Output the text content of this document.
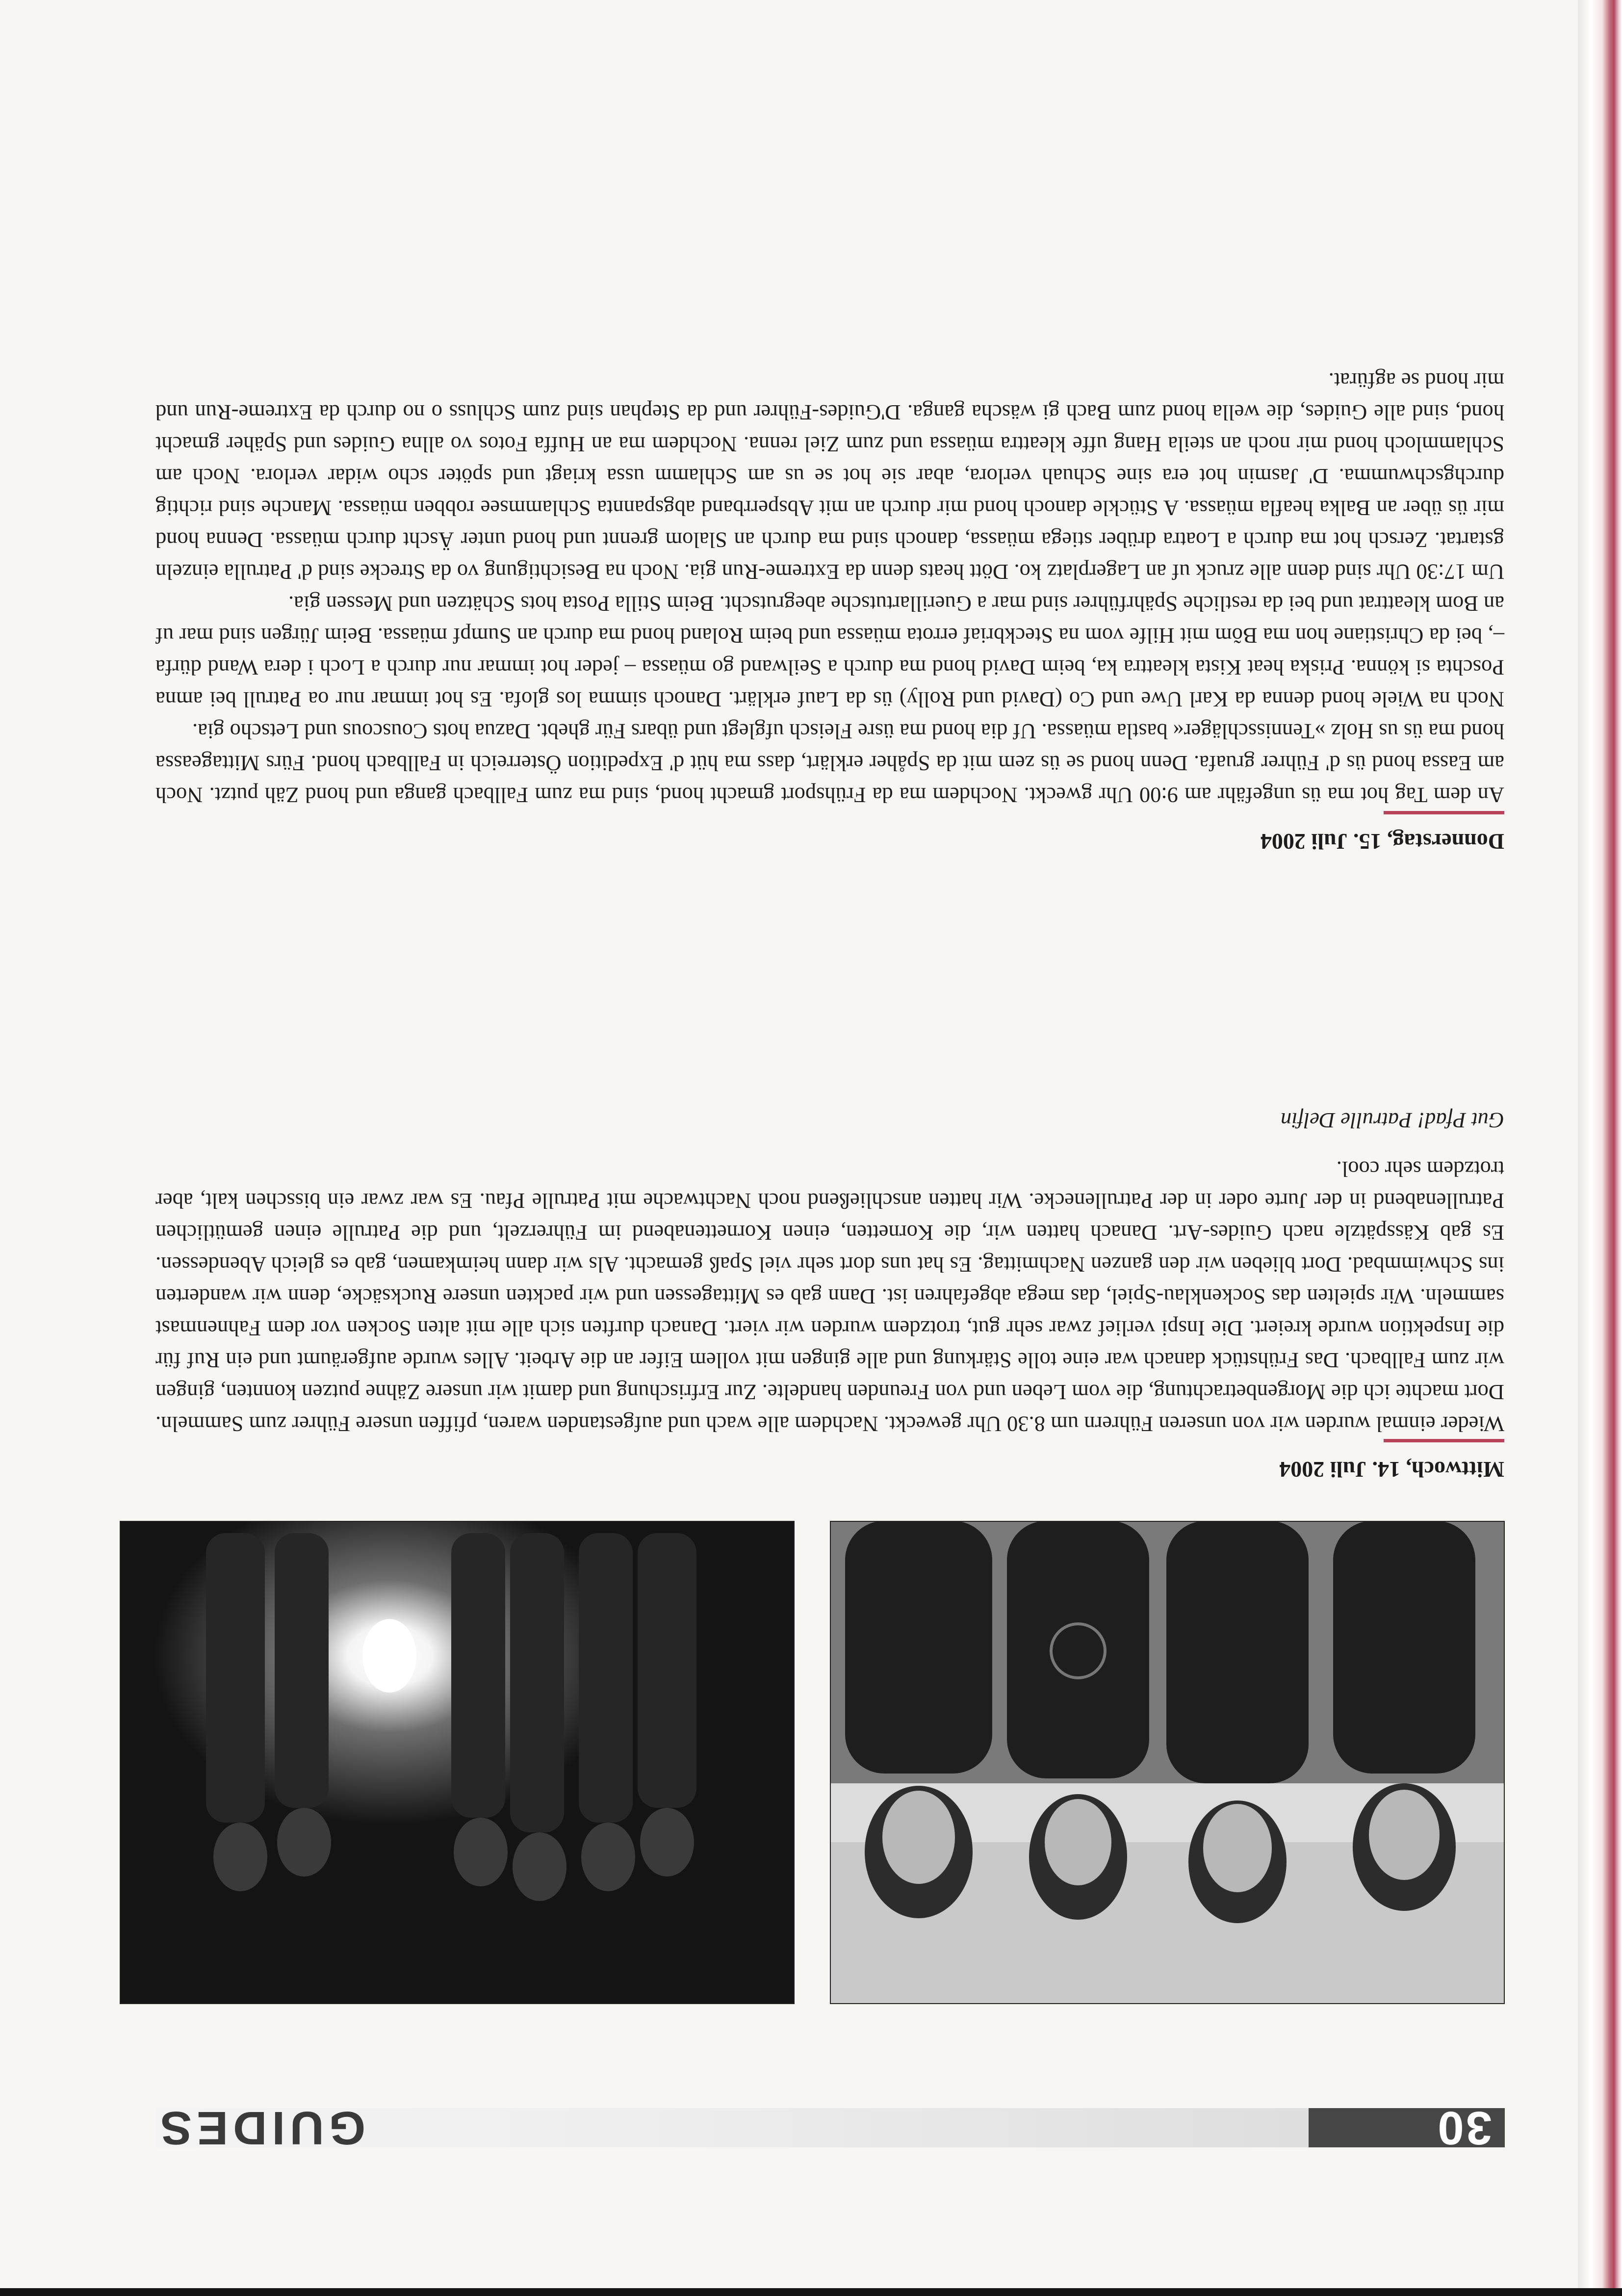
30
GUIDES
Mittwoch, 14. Juli 2004

Wieder einmal wurden wir von unseren Führern um 8.30 Uhr geweckt. Nachdem alle wach und aufgestanden waren, pfiffen unsere Führer zum Sammeln. Dort machte ich die Morgenbetrachtung, die vom Leben und von Freunden handelte. Zur Erfrischung und damit wir unsere Zähne putzen konnten, gingen wir zum Fallbach. Das Frühstück danach war eine tolle Stärkung und alle gingen mit vollem Eifer an die Arbeit. Alles wurde aufgeräumt und ein Ruf für die Inspektion wurde kreiert. Die Inspi verlief zwar sehr gut, trotzdem wurden wir viert. Danach durften sich alle mit alten Socken vor dem Fahnenmast sammeln. Wir spielten das Sockenklau-Spiel, das mega abgefahren ist. Dann gab es Mittagessen und wir packten unsere Rucksäcke, denn wir wanderten ins Schwimmbad. Dort blieben wir den ganzen Nachmittag. Es hat uns dort sehr viel Spaß gemacht. Als wir dann heimkamen, gab es gleich Abendessen. Es gab Kässpätzle nach Guides-Art. Danach hatten wir, die Kornetten, einen Kornettenabend im Führerzelt, und die Patrulle einen gemütlichen Patrullenabend in der Jurte oder in der Patrullenecke. Wir hatten anschließend noch Nachtwache mit Patrulle Pfau. Es war zwar ein bisschen kalt, aber trotzdem sehr cool.

Gut Pfad! Patrulle Delfin

Donnerstag, 15. Juli 2004

An dem Tag hot ma üs ungefähr am 9:00 Uhr gweckt. Nochdem ma da Frühsport gmacht hond, sind ma zum Fallbach ganga und hond Zäh putzt. Noch am Eassa hond üs d' Führer gruafa. Denn hond se üs zem mit da Spåher erklärt, dass ma hüt d' Expedition Österreich in Fallbach hond. Fürs Mittageassa hond ma üs us Holz »Tennisschläger« bastla müassa. Uf dia hond ma üsre Fleisch ufglegt und übars Für ghebt. Dazua hots Couscous und Letscho gia.

Noch na Wiele hond denna da Karl Uwe und Co (David und Rolly) üs da Lauf erklärt. Danoch simma los glofa. Es hot immar nur oa Patrull bei amna Poschta si könna. Priska heat Kista kleattra ka, beim David hond ma durch a Seilwand go müassa – jeder hot immar nur durch a Loch i dera Wand dürfa –, bei da Christiane hon ma Bõm mit Hilfe vom na Steckbriaf errota müassa und beim Roland hond ma durch an Sumpf müassa. Beim Jürgen sind mar uf an Bom kleattrat und bei da restliche Spährführer sind mar a Guerillartutsche abegrutscht. Beim Stilla Posta hots Schätzen und Messen gia.

Um 17:30 Uhr sind denn alle zruck uf an Lagerplatz ko. Dött heats denn da Extreme-Run gia. Noch na Besichtigung vo da Strecke sind d' Patrulla einzeln gstartat. Zersch hot ma durch a Loatra drüber stiega müassa, danoch sind ma durch an Slalom grennt und hond unter Äscht durch müassa. Denna hond mir üs über an Balka heafla müassa. A Stückle danoch hond mir durch an mit Absperrband abgspannta Schlammsee robben müassa. Manche sind richtig durchgschwumma. D' Jasmin hot era sine Schuah verlora, abar sie hot se us am Schlamm ussa kriagt und spöter scho widar verlora. Noch am Schlammloch hond mir noch an steila Hang uffe kleattra müassa und zum Ziel renna. Nochdem ma an Huffa Fotos vo allna Guides und Späher gmacht hond, sind alle Guides, die wella hond zum Bach gi wäscha ganga. D'Guides-Führer und da Stephan sind zum Schluss o no durch da Extreme-Run und mir hond se agfürat.
